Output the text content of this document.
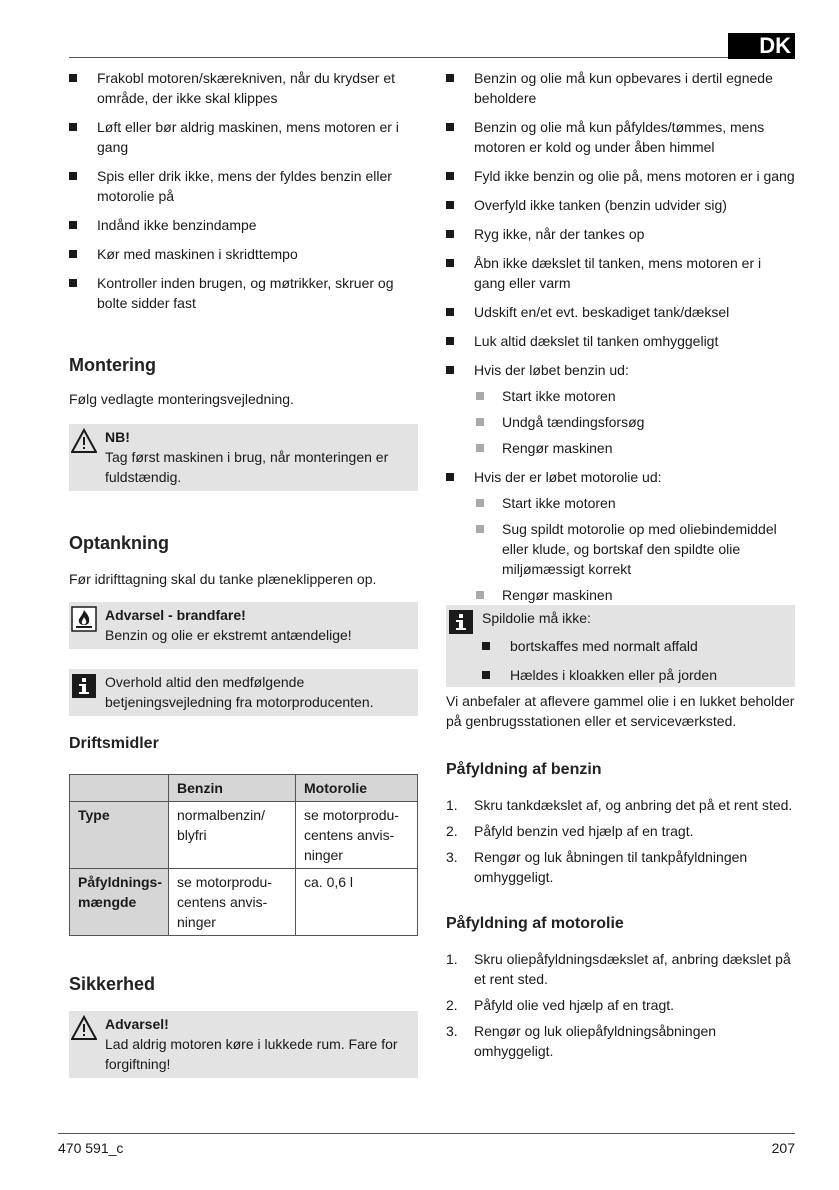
DK
Frakobl motoren/skærekniven, når du krydser et område, der ikke skal klippes
Løft eller bør aldrig maskinen, mens motoren er i gang
Spis eller drik ikke, mens der fyldes benzin eller motorolie på
Indånd ikke benzindampe
Kør med maskinen i skridttempo
Kontroller inden brugen, og møtrikker, skruer og bolte sidder fast
Montering

Følg vedlagte monteringsvejledning.

NB!
Tag først maskinen i brug, når monteringen er fuldstændig.
Optankning

Før idrifttagning skal du tanke plæneklipperen op.

Advarsel - brandfare!
Benzin og olie er ekstremt antændelige!
Overhold altid den medfølgende betjeningsvejledning fra motorproducenten.
Driftsmidler
	Benzin	Motorolie
Type	normalbenzin/ blyfri	se motorprodu- centens anvis- ninger
Påfyldnings- mængde	se motorprodu- centens anvis- ninger	ca. 0,6 l
Sikkerhed
Advarsel!
Lad aldrig motoren køre i lukkede rum. Fare for forgiftning!
Benzin og olie må kun opbevares i dertil egnede beholdere
Benzin og olie må kun påfyldes/tømmes, mens motoren er kold og under åben himmel
Fyld ikke benzin og olie på, mens motoren er i gang
Overfyld ikke tanken (benzin udvider sig)
Ryg ikke, når der tankes op
Åbn ikke dækslet til tanken, mens motoren er i gang eller varm
Udskift en/et evt. beskadiget tank/dæksel
Luk altid dækslet til tanken omhyggeligt
Hvis der løbet benzin ud:
Start ikke motoren
Undgå tændingsforsøg
Rengør maskinen
Hvis der er løbet motorolie ud:
Start ikke motoren
Sug spildt motorolie op med oliebindemiddel eller klude, og bortskaf den spildte olie miljømæssigt korrekt
Rengør maskinen
Spildolie må ikke:
bortskaffes med normalt affald
Hældes i kloakken eller på jorden

Vi anbefaler at aflevere gammel olie i en lukket beholder på genbrugsstationen eller et serviceværksted.

Påfyldning af benzin
1. Skru tankdækslet af, og anbring det på et rent sted.
2. Påfyld benzin ved hjælp af en tragt.
3. Rengør og luk åbningen til tankpåfyldningen omhyggeligt.
Påfyldning af motorolie
1. Skru oliepåfyldningsdækslet af, anbring dækslet på et rent sted.
2. Påfyld olie ved hjælp af en tragt.
3. Rengør og luk oliepåfyldningsåbningen omhyggeligt.
470 591_c	207
